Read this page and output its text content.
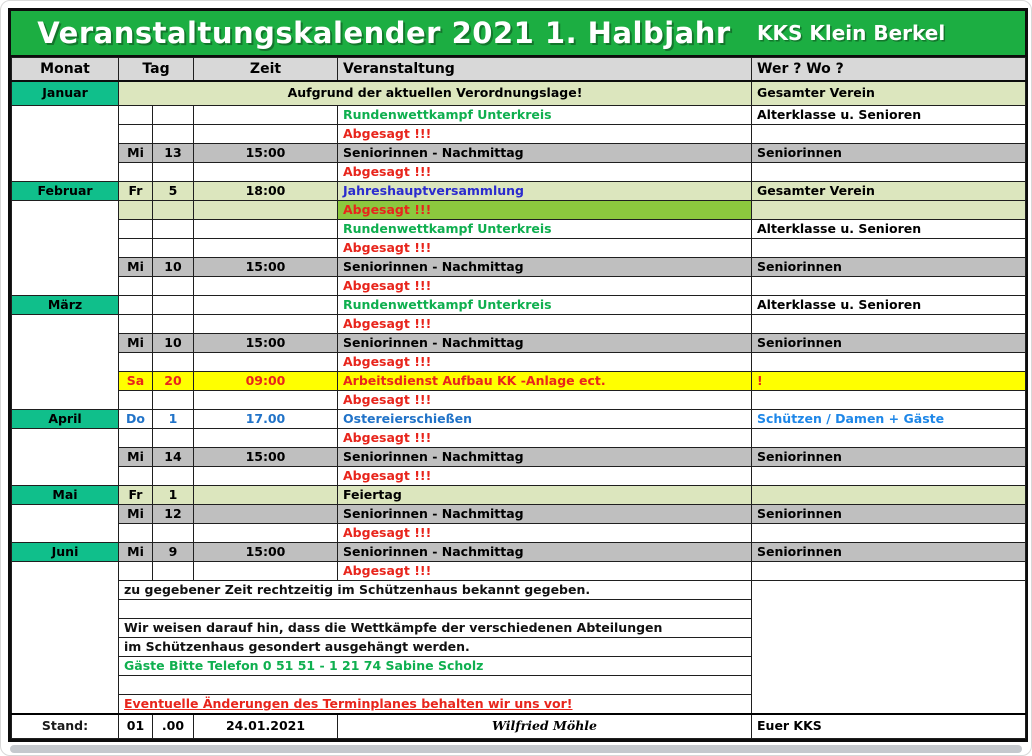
Veranstaltungskalender 2021 1. Halbjahr	KKS Klein Berkel
Monat	Tag		Zeit	Veranstaltung	Wer ? Wo ?
Januar	Aufgrund der aktuellen Verordnungslage!				Gesamter Verein
				Rundenwettkampf Unterkreis	Alterklasse u. Senioren
				Abgesagt !!!	
	Mi	13	15:00	Seniorinnen - Nachmittag	Seniorinnen
				Abgesagt !!!	
Februar	Fr	5	18:00	Jahreshauptversammlung	Gesamter Verein
				Abgesagt !!!	
				Rundenwettkampf Unterkreis	Alterklasse u. Senioren
				Abgesagt !!!	
	Mi	10	15:00	Seniorinnen - Nachmittag	Seniorinnen
				Abgesagt !!!	
März				Rundenwettkampf Unterkreis	Alterklasse u. Senioren
				Abgesagt !!!	
	Mi	10	15:00	Seniorinnen - Nachmittag	Seniorinnen
				Abgesagt !!!	
	Sa	20	09:00	Arbeitsdienst Aufbau KK -Anlage ect.	!
				Abgesagt !!!	
April	Do	1	17.00	Ostereierschießen	Schützen / Damen + Gäste
				Abgesagt !!!	
	Mi	14	15:00	Seniorinnen - Nachmittag	Seniorinnen
				Abgesagt !!!	
Mai	Fr	1		Feiertag	
	Mi	12		Seniorinnen - Nachmittag	Seniorinnen
				Abgesagt !!!	
Juni	Mi	9	15:00	Seniorinnen - Nachmittag	Seniorinnen
				Abgesagt !!!	
	zu gegebener Zeit rechtzeitig im Schützenhaus bekannt gegeben.				

	Wir weisen darauf hin, dass die Wettkämpfe der verschiedenen Abteilungen				
	im Schützenhaus gesondert ausgehängt werden.				
	Gäste Bitte Telefon 0 51 51 - 1 21 74 Sabine Scholz				

	Eventuelle Änderungen des Terminplanes behalten wir uns vor!				
Stand:	01	.00	24.01.2021	Wilfried Möhle	Euer KKS
